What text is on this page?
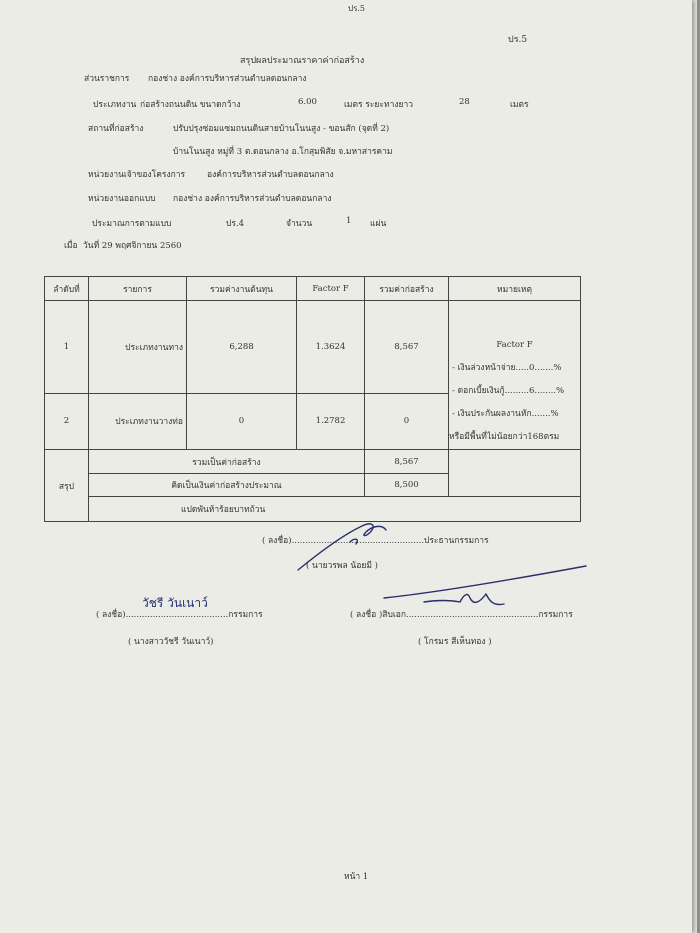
ปร.5
ปร.5
สรุปผลประมาณราคาค่าก่อสร้าง
ส่วนราชการ กองช่าง องค์การบริหารส่วนตำบลดอนกลาง
ประเภทงาน ก่อสร้างถนนดิน ขนาดกว้าง	6.00	เมตร ระยะทางยาว	28	เมตร
สถานที่ก่อสร้าง	ปรับปรุงซ่อมแซมถนนดินสายบ้านโนนสูง - ขอนสัก (จุดที่ 2)
บ้านโนนสูง หมู่ที่ 3 ต.ดอนกลาง อ.โกสุมพิสัย จ.มหาสารคาม
หน่วยงานเจ้าของโครงการ	องค์การบริหารส่วนตำบลดอนกลาง
หน่วยงานออกแบบ กองช่าง องค์การบริหารส่วนตำบลดอนกลาง
ประมาณการตามแบบ	ปร.4	จำนวน	1 แผ่น
เมื่อ วันที่ 29 พฤศจิกายน 2560
ลำดับที่	รายการ	รวมค่างานต้นทุน	Factor F	รวมค่าก่อสร้าง	หมายเหตุ
1	ประเภทงานทาง	6,288	1.3624	8,567	Factor F
- เงินล่วงหน้าจ่าย.....0.......%
- ดอกเบี้ยเงินกู้.........6........%
- เงินประกันผลงานหัก.......%
หรือมีพื้นที่ไม่น้อยกว่า168ตรม

2	ประเภทงานวางท่อ	0	1.2782	0	
สรุป	รวมเป็นค่าก่อสร้าง			8,567	
	คิดเป็นเงินค่าก่อสร้างประมาณ			8,500	
	แปดพันห้าร้อยบาทถ้วน				
( ลงชื่อ).................................................ประธานกรรมการ
( นายวรพล น้อยมี )
( ลงชื่อ)......................................กรรมการ
วัชรี วันเนาว์
( นางสาววัชรี วันเนาว์)
( ลงชื่อ )สิบเอก.................................................กรรมการ
( โกรมร สีเห็นทอง )
หน้า 1
